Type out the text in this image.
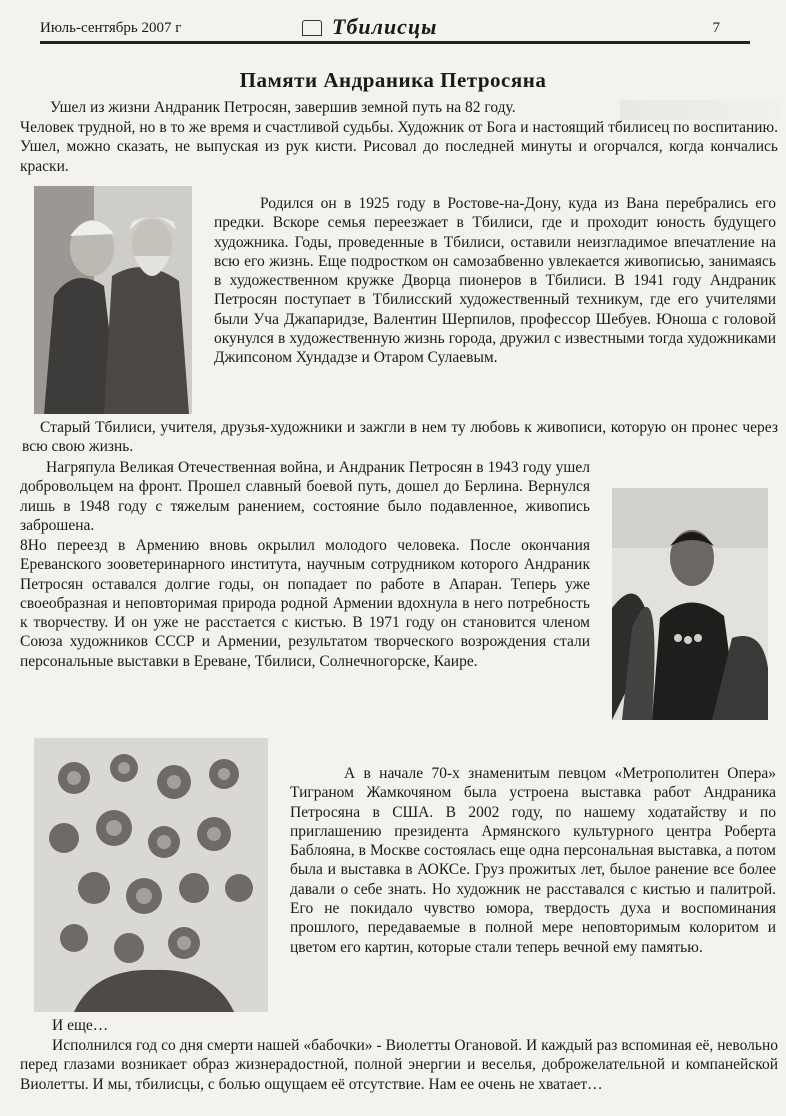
Июль-сентябрь 2007 г	Тбилисцы	7
Памяти Андраника Петросяна

Ушел из жизни Андраник Петросян, завершив земной путь на 82 году.

Человек трудной, но в то же время и счастливой судьбы. Художник от Бога и настоящий тбилисец по воспитанию. Ушел, можно сказать, не выпуская из рук кисти. Рисовал до последней минуты и огорчался, когда кончались краски.

Родился он в 1925 году в Ростове-на-Дону, куда из Вана перебрались его предки. Вскоре семья переезжает в Тбилиси, где и проходит юность будущего художника. Годы, проведенные в Тбилиси, оставили неизгладимое впечатление на всю его жизнь. Еще подростком он самозабвенно увлекается живописью, занимаясь в художественном кружке Дворца пионеров в Тбилиси. В 1941 году Андраник Петросян поступает в Тбилисский художественный техникум, где его учителями были Уча Джапаридзе, Валентин Шерпилов, профессор Шебуев. Юноша с головой окунулся в художественную жизнь города, дружил с известными тогда художниками Джипсоном Хундадзе и Отаром Сулаевым.

Старый Тбилиси, учителя, друзья-художники и зажгли в нем ту любовь к живописи, которую он пронес через всю свою жизнь.

Нагряпула Великая Отечественная война, и Андраник Петросян в 1943 году ушел добровольцем на фронт. Прошел славный боевой путь, дошел до Берлина. Вернулся лишь в 1948 году с тяжелым ранением, состояние было подавленное, живопись заброшена.

8Но переезд в Армению вновь окрылил молодого человека. После окончания Ереванского зооветеринарного института, научным сотрудником которого Андраник Петросян оставался долгие годы, он попадает по работе в Апаран. Теперь уже своеобразная и неповторимая природа родной Армении вдохнула в него потребность к творчеству. И он уже не расстается с кистью. В 1971 году он становится членом Союза художников СССР и Армении, результатом творческого возрождения стали персональные выставки в Ереване, Тбилиси, Солнечногорске, Каире.

А в начале 70-х знаменитым певцом «Метрополитен Опера» Тиграном Жамкочяном была устроена выставка работ Андраника Петросяна в США. В 2002 году, по нашему ходатайству и по приглашению президента Армянского культурного центра Роберта Баблояна, в Москве состоялась еще одна персональная выставка, а потом была и выставка в АОКСе. Груз прожитых лет, былое ранение все более давали о себе знать. Но художник не расставался с кистью и палитрой. Его не покидало чувство юмора, твердость духа и воспоминания прошлого, передаваемые в полной мере неповторимым колоритом и цветом его картин, которые стали теперь вечной ему памятью.

И еще…

Исполнился год со дня смерти нашей «бабочки» - Виолетты Огановой. И каждый раз вспоминая её, невольно перед глазами возникает образ жизнерадостной, полной энергии и веселья, доброжелательной и компанейской Виолетты. И мы, тбилисцы, с болью ощущаем её отсутствие. Нам ее очень не хватает…
